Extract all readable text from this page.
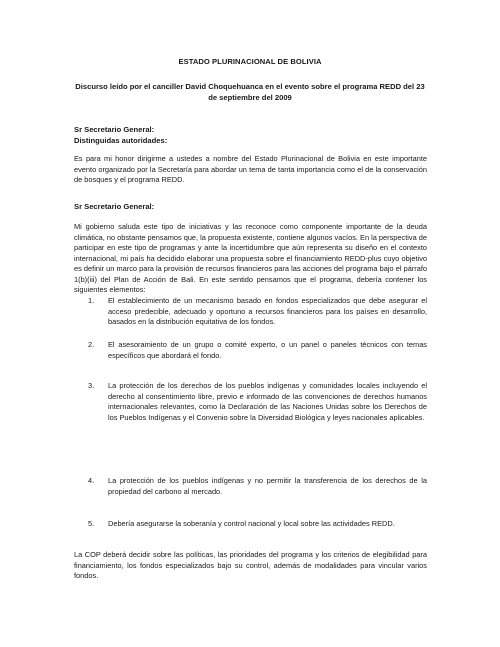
ESTADO PLURINACIONAL DE BOLIVIA
Discurso leído por el canciller David Choquehuanca en el evento sobre el programa REDD del 23 de septiembre del 2009
Sr Secretario General:
Distinguidas autoridades:

Es para mi honor dirigirme a ustedes a nombre del Estado Plurinacional de Bolivia en este importante evento organizado por la Secretaría para abordar un tema de tanta importancia como el de la conservación de bosques y el programa REDD.

Sr Secretario General:

Mi gobierno saluda este tipo de iniciativas y las reconoce como componente importante de la deuda climática, no obstante pensamos que, la propuesta existente, contiene algunos vacíos. En la perspectiva de participar en este tipo de programas y ante la incertidumbre que aún representa su diseño en el contexto internacional, mi país ha decidido elaborar una propuesta sobre el financiamiento REDD-plus cuyo objetivo es definir un marco para la provisión de recursos financieros para las acciones del programa bajo el párrafo 1(b)(iii) del Plan de Acción de Bali. En este sentido pensamos que el programa, debería contener los siguientes elementos:

1.	El establecimiento de un mecanismo basado en fondos especializados que debe asegurar el acceso predecible, adecuado y oportuno a recursos financieros para los países en desarrollo, basados en la distribución equitativa de los fondos.
2.	El asesoramiento de un grupo o comité experto, o un panel o paneles técnicos con temas específicos que abordará el fondo.
3.	La protección de los derechos de los pueblos indígenas y comunidades locales incluyendo el derecho al consentimiento libre, previo e informado de las convenciones de derechos humanos internacionales relevantes, como la Declaración de las Naciones Unidas sobre los Derechos de los Pueblos Indígenas y el Convenio sobre la Diversidad Biológica y leyes nacionales aplicables.
4.	La protección de los pueblos indígenas y no permitir la transferencia de los derechos de la propiedad del carbono al mercado.
5.	Debería asegurarse la soberanía y control nacional y local sobre las actividades REDD.

La COP deberá decidir sobre las políticas, las prioridades del programa y los criterios de elegibilidad para financiamiento, los fondos especializados bajo su control, además de modalidades para vincular varios fondos.
